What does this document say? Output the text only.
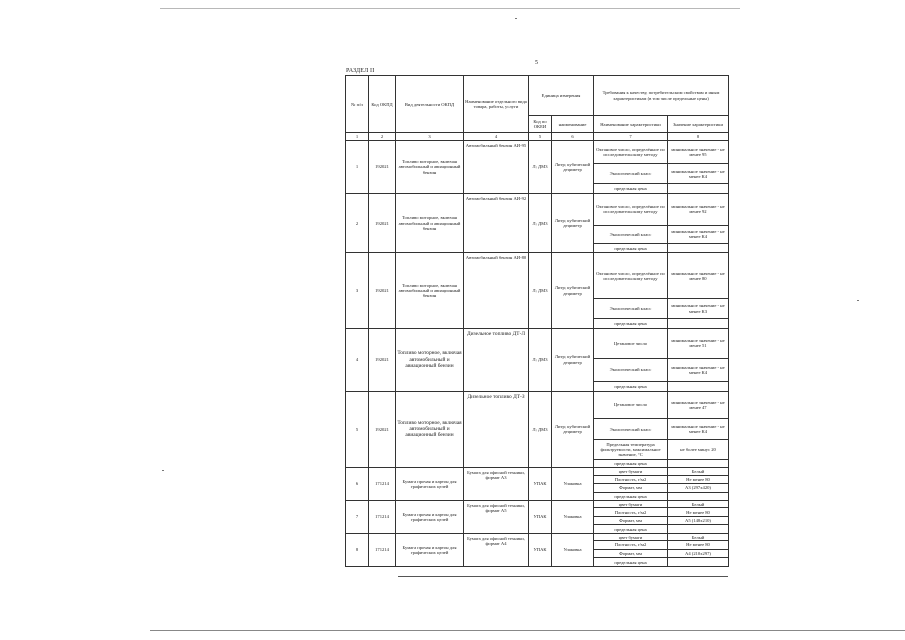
5
РАЗДЕЛ II
№ п/п	Код ОКПД	Вид деятельности ОКПД	Наименование отдельного вида товара, работы, услуги	Единица измерения		Требования к качеству, потребительским свойствам и иным характеристикам (в том числе предельные цены)	
				Код по ОКЕИ	наименование	Наименование характеристики	Значение характеристики
1	2	3	4	5	6	7	8
1	192021	Топливо моторное, включая автомобильный и авиационный бензин	Автомобильный бензин АИ-95	Л; ДМ3	Литр; кубический дециметр	Октановое число, определённое по исследовательскому методу	минимальное значение - не менее 95
						Экологический класс	минимальное значение - не менее К4
						предельная цена	
2	192021	Топливо моторное, включая автомобильный и авиационный бензин	Автомобильный бензин АИ-92	Л; ДМ3	Литр; кубический дециметр	Октановое число, определённое по исследовательскому методу	минимальное значение - не менее 92
						Экологический класс	минимальное значение - не менее К4
						предельная цена	
3	192021	Топливо моторное, включая автомобильный и авиационный бензин	Автомобильный бензин АИ-80	Л; ДМ3	Литр; кубический дециметр	Октановое число, определённое по исследовательскому методу	минимальное значение - не менее 80
						Экологический класс	минимальное значение - не менее К3
						предельная цена	
4	192021	Топливо моторное, включая автомобильный и авиационный бензин	Дизельное топливо ДТ-Л	Л; ДМ3	Литр; кубический дециметр	Цетановое число	минимальное значение - не менее 51
						Экологический класс	минимальное значение - не менее К4
						предельная цена	
5	192021	Топливо моторное, включая автомобильный и авиационный бензин	Дизельное топливо ДТ-З	Л; ДМ3	Литр; кубический дециметр	Цетановое число	минимальное значение - не менее 47
						Экологический класс	минимальное значение - не менее К4
						Предельная температура фильтруемости, максимальное значение, °С	не более минус 20
						предельная цена	
6	171214	Бумага прочая и картон для графических целей	Бумага для офисной техники, формат А3	УПАК	Упаковка	цвет бумаги	Белый
						Плотность, г/м2	Не менее 80
						Формат, мм	А3 (297х420)
						предельная цена	
7	171214	Бумага прочая и картон для графических целей	Бумага для офисной техники, формат А5	УПАК	Упаковка	цвет бумаги	Белый
						Плотность, г/м2	Не менее 80
						Формат, мм	А5 (148х210)
						предельная цена	
8	171214	Бумага прочая и картон для графических целей	Бумага для офисной техники, формат А4	УПАК	Упаковка	цвет бумаги	Белый
						Плотность, г/м2	Не менее 80
						Формат, мм	А4 (210х297)
						предельная цена	
